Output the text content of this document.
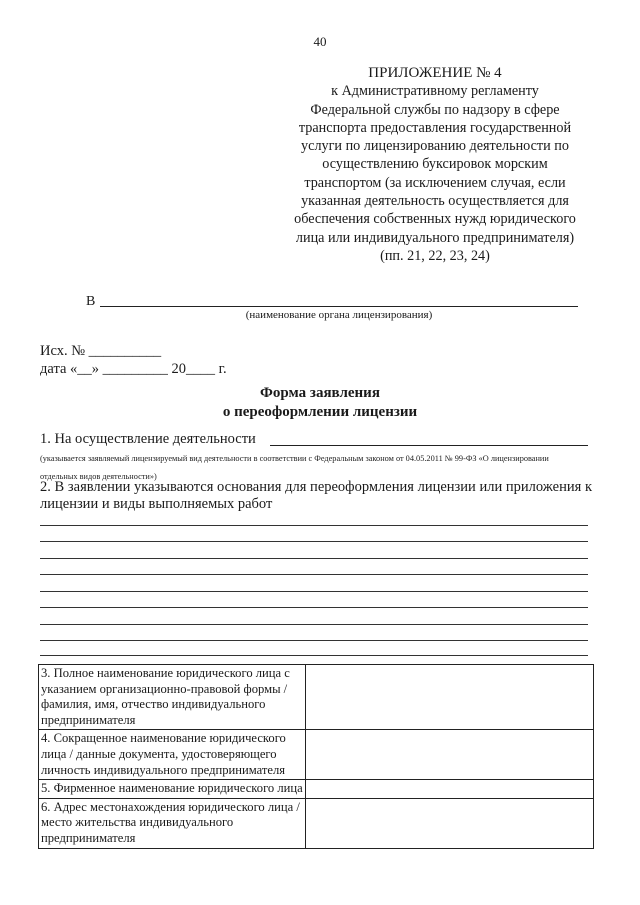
40
ПРИЛОЖЕНИЕ № 4
к Административному регламенту
Федеральной службы по надзору в сфере
транспорта предоставления государственной
услуги по лицензированию деятельности по
осуществлению буксировок морским
транспортом (за исключением случая, если
указанная деятельность осуществляется для
обеспечения собственных нужд юридического
лица или индивидуального предпринимателя)
(пп. 21, 22, 23, 24)
В
(наименование органа лицензирования)
Исх. № __________
дата «__» _________ 20____ г.
Форма заявления
о переоформлении лицензии
1. На осуществление деятельности
(указывается заявляемый лицензируемый вид деятельности в соответствии с Федеральным законом от 04.05.2011 № 99-ФЗ «О лицензировании
отдельных видов деятельности»)
2. В заявлении указываются основания для переоформления лицензии или приложения к лицензии и виды выполняемых работ
3. Полное наименование юридического лица с указанием организационно-правовой формы / фамилия, имя, отчество индивидуального предпринимателя	
4. Сокращенное наименование юридического лица / данные документа, удостоверяющего личность индивидуального предпринимателя	
5. Фирменное наименование юридического лица	
6. Адрес местонахождения юридического лица / место жительства индивидуального предпринимателя	
